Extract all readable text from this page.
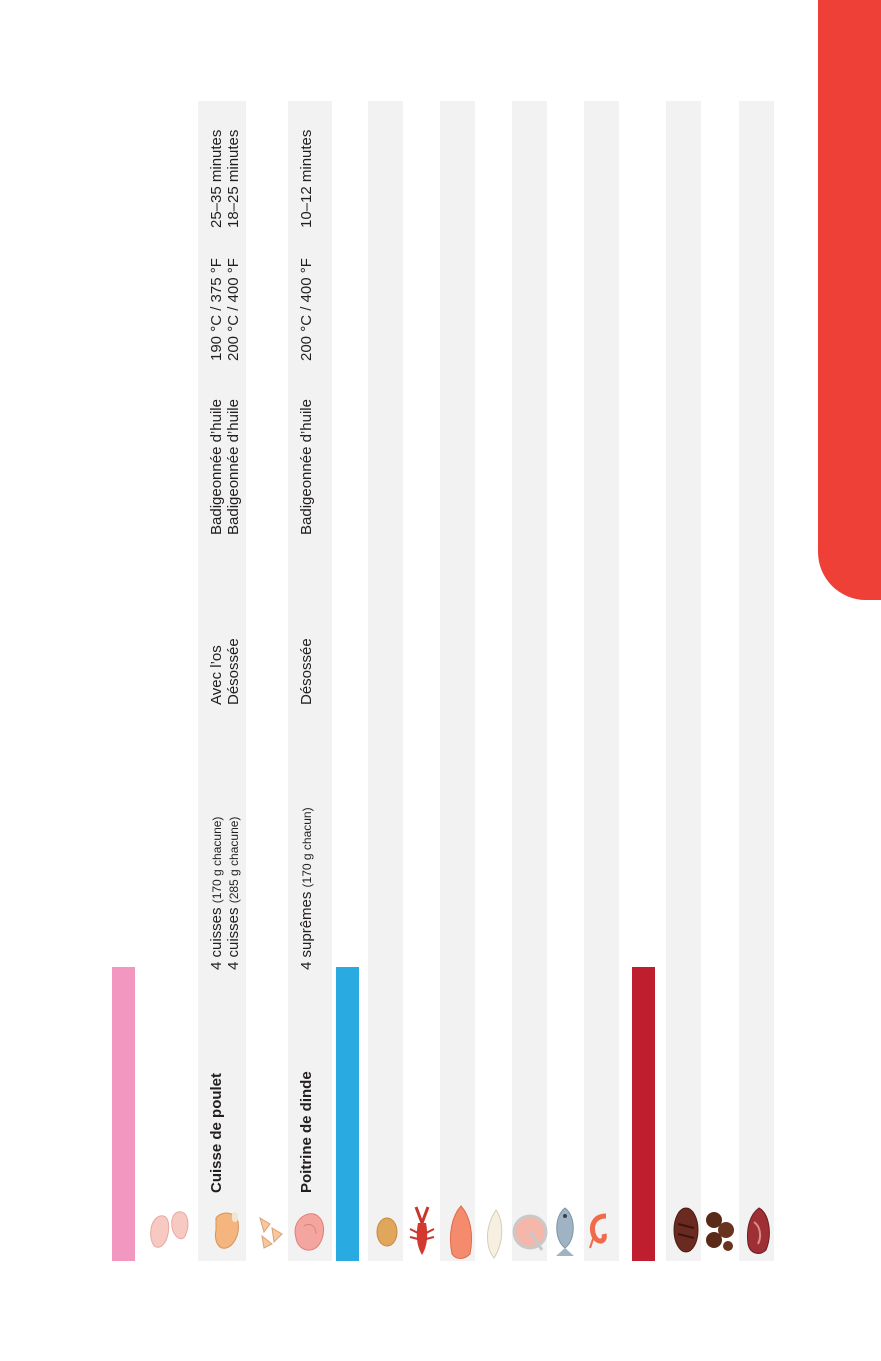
Cuisse de poulet
4 cuisses (170 g chacune)
4 cuisses (285 g chacune)
Avec l’os Désossée
Badigeonnée d’huile Badigeonnée d’huile
190 °C / 375 °F 200 °C / 400 °F
25–35 minutes 18–25 minutes
Poitrine de dinde
4 suprêmes (170 g chacun)
Désossée
Badigeonnée d’huile
200 °C / 400 °F
10–12 minutes
